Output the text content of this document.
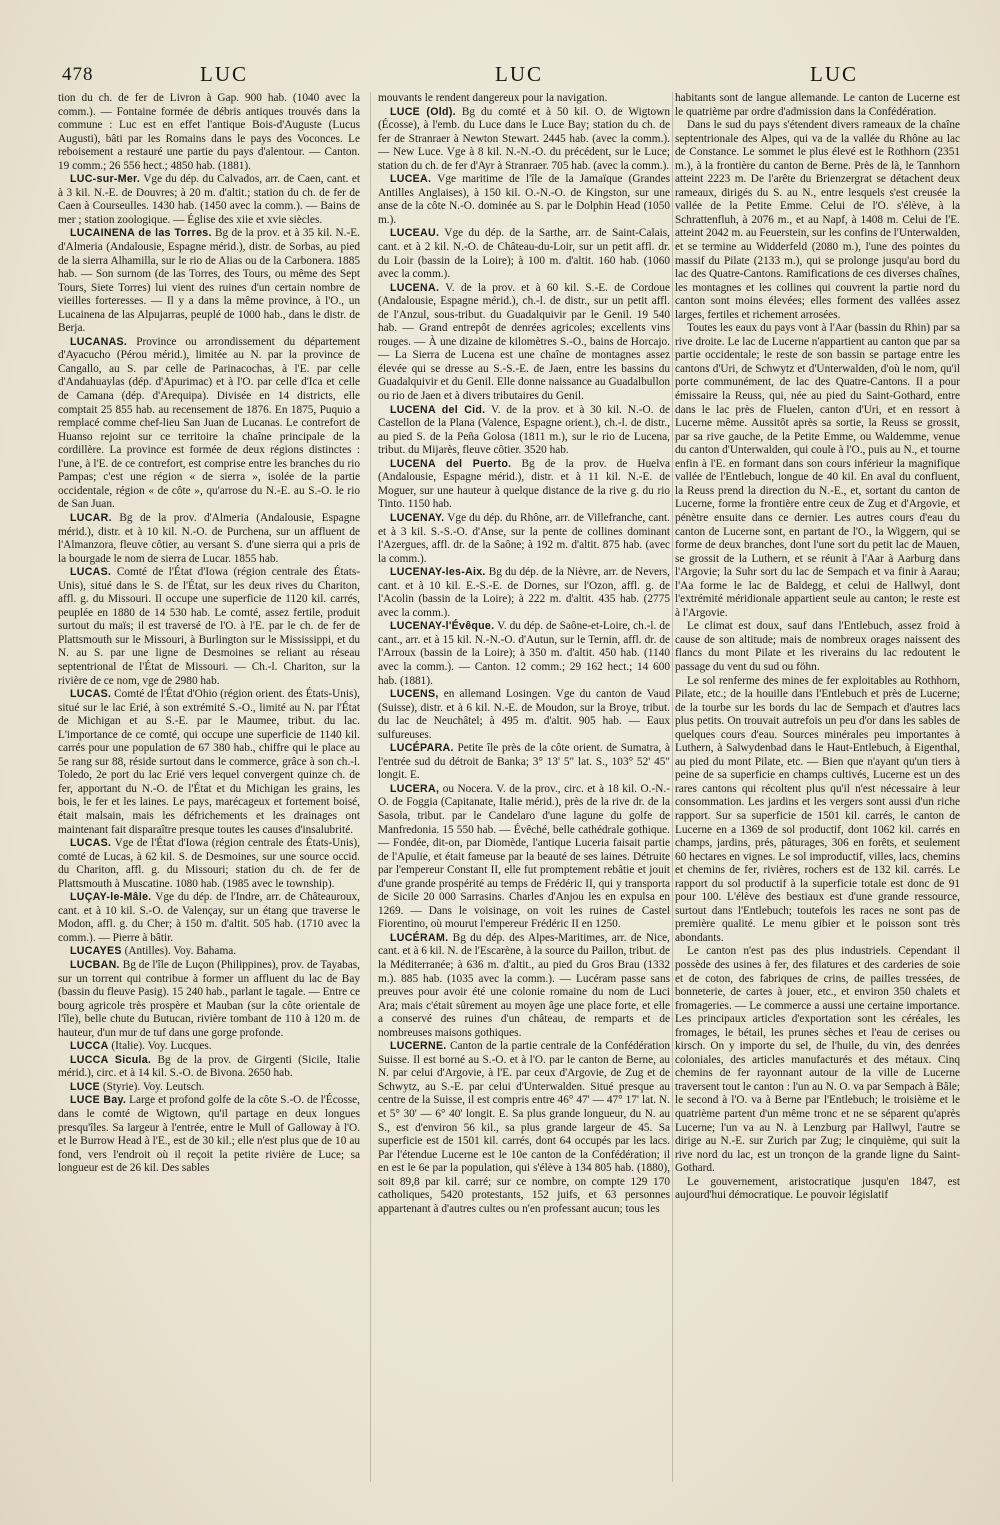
478	LUC	LUC	LUC

tion du ch. de fer de Livron à Gap. 900 hab. (1040 avec la comm.). — Fontaine formée de débris antiques trouvés dans la commune : Luc est en effet l'antique Bois-d'Auguste (Lucus Augusti), bâti par les Romains dans le pays des Voconces. Le reboisement a restauré une partie du pays d'alentour. — Canton. 19 comm.; 26 556 hect.; 4850 hab. (1881).

LUC-sur-Mer. Vge du dép. du Calvados, arr. de Caen, cant. et à 3 kil. N.-E. de Douvres; à 20 m. d'altit.; station du ch. de fer de Caen à Courseulles. 1430 hab. (1450 avec la comm.). — Bains de mer ; station zoologique. — Église des xiie et xvie siècles.

LUCAINENA de las Torres. Bg de la prov. et à 35 kil. N.-E. d'Almeria (Andalousie, Espagne mérid.), distr. de Sorbas, au pied de la sierra Alhamilla, sur le rio de Alias ou de la Carbonera. 1885 hab. — Son surnom (de las Torres, des Tours, ou même des Sept Tours, Siete Torres) lui vient des ruines d'un certain nombre de vieilles forteresses. — Il y a dans la même province, à l'O., un Lucainena de las Alpujarras, peuplé de 1000 hab., dans le distr. de Berja.

LUCANAS. Province ou arrondissement du département d'Ayacucho (Pérou mérid.), limitée au N. par la province de Cangallo, au S. par celle de Parinacochas, à l'E. par celle d'Andahuaylas (dép. d'Apurimac) et à l'O. par celle d'Ica et celle de Camana (dép. d'Arequipa). Divisée en 14 districts, elle comptait 25 855 hab. au recensement de 1876. En 1875, Puquio a remplacé comme chef-lieu San Juan de Lucanas. Le contrefort de Huanso rejoint sur ce territoire la chaîne principale de la cordillère. La province est formée de deux régions distinctes : l'une, à l'E. de ce contrefort, est comprise entre les branches du rio Pampas; c'est une région « de sierra », isolée de la partie occidentale, région « de côte », qu'arrose du N.-E. au S.-O. le rio de San Juan.

LUCAR. Bg de la prov. d'Almeria (Andalousie, Espagne mérid.), distr. et à 10 kil. N.-O. de Purchena, sur un affluent de l'Almanzora, fleuve côtier, au versant S. d'une sierra qui a pris de la bourgade le nom de sierra de Lucar. 1855 hab.

LUCAS. Comté de l'État d'Iowa (région centrale des États-Unis), situé dans le S. de l'État, sur les deux rives du Chariton, affl. g. du Missouri. Il occupe une superficie de 1120 kil. carrés, peuplée en 1880 de 14 530 hab. Le comté, assez fertile, produit surtout du maïs; il est traversé de l'O. à l'E. par le ch. de fer de Plattsmouth sur le Missouri, à Burlington sur le Mississippi, et du N. au S. par une ligne de Desmoines se reliant au réseau septentrional de l'État de Missouri. — Ch.-l. Chariton, sur la rivière de ce nom, vge de 2980 hab.

LUCAS. Comté de l'État d'Ohio (région orient. des États-Unis), situé sur le lac Erié, à son extrémité S.-O., limité au N. par l'État de Michigan et au S.-E. par le Maumee, tribut. du lac. L'importance de ce comté, qui occupe une superficie de 1140 kil. carrés pour une population de 67 380 hab., chiffre qui le place au 5e rang sur 88, réside surtout dans le commerce, grâce à son ch.-l. Toledo, 2e port du lac Erié vers lequel convergent quinze ch. de fer, apportant du N.-O. de l'État et du Michigan les grains, les bois, le fer et les laines. Le pays, marécageux et fortement boisé, était malsain, mais les défrichements et les drainages ont maintenant fait disparaître presque toutes les causes d'insalubrité.

LUCAS. Vge de l'État d'Iowa (région centrale des États-Unis), comté de Lucas, à 62 kil. S. de Desmoines, sur une source occid. du Chariton, affl. g. du Missouri; station du ch. de fer de Plattsmouth à Muscatine. 1080 hab. (1985 avec le township).

LUÇAY-le-Mâle. Vge du dép. de l'Indre, arr. de Châteauroux, cant. et à 10 kil. S.-O. de Valençay, sur un étang que traverse le Modon, affl. g. du Cher; à 150 m. d'altit. 505 hab. (1710 avec la comm.). — Pierre à bâtir.

LUCAYES (Antilles). Voy. Bahama.

LUCBAN. Bg de l'île de Luçon (Philippines), prov. de Tayabas, sur un torrent qui contribue à former un affluent du lac de Bay (bassin du fleuve Pasig). 15 240 hab., parlant le tagale. — Entre ce bourg agricole très prospère et Mauban (sur la côte orientale de l'île), belle chute du Butucan, rivière tombant de 110 à 120 m. de hauteur, d'un mur de tuf dans une gorge profonde.

LUCCA (Italie). Voy. Lucques.

LUCCA Sicula. Bg de la prov. de Girgenti (Sicile, Italie mérid.), circ. et à 14 kil. S.-O. de Bivona. 2650 hab.

LUCE (Styrie). Voy. Leutsch.

LUCE Bay. Large et profond golfe de la côte S.-O. de l'Écosse, dans le comté de Wigtown, qu'il partage en deux longues presqu'îles. Sa largeur à l'entrée, entre le Mull of Galloway à l'O. et le Burrow Head à l'E., est de 30 kil.; elle n'est plus que de 10 au fond, vers l'endroit où il reçoit la petite rivière de Luce; sa longueur est de 26 kil. Des sables

mouvants le rendent dangereux pour la navigation.

LUCE (Old). Bg du comté et à 50 kil. O. de Wigtown (Écosse), à l'emb. du Luce dans le Luce Bay; station du ch. de fer de Stranraer à Newton Stewart. 2445 hab. (avec la comm.). — New Luce. Vge à 8 kil. N.-N.-O. du précédent, sur le Luce; station du ch. de fer d'Ayr à Stranraer. 705 hab. (avec la comm.).

LUCEA. Vge maritime de l'île de la Jamaïque (Grandes Antilles Anglaises), à 150 kil. O.-N.-O. de Kingston, sur une anse de la côte N.-O. dominée au S. par le Dolphin Head (1050 m.).

LUCEAU. Vge du dép. de la Sarthe, arr. de Saint-Calais, cant. et à 2 kil. N.-O. de Château-du-Loir, sur un petit affl. dr. du Loir (bassin de la Loire); à 100 m. d'altit. 160 hab. (1060 avec la comm.).

LUCENA. V. de la prov. et à 60 kil. S.-E. de Cordoue (Andalousie, Espagne mérid.), ch.-l. de distr., sur un petit affl. de l'Anzul, sous-tribut. du Guadalquivir par le Genil. 19 540 hab. — Grand entrepôt de denrées agricoles; excellents vins rouges. — À une dizaine de kilomètres S.-O., bains de Horcajo. — La Sierra de Lucena est une chaîne de montagnes assez élevée qui se dresse au S.-S.-E. de Jaen, entre les bassins du Guadalquivir et du Genil. Elle donne naissance au Guadalbullon ou rio de Jaen et à divers tributaires du Genil.

LUCENA del Cid. V. de la prov. et à 30 kil. N.-O. de Castellon de la Plana (Valence, Espagne orient.), ch.-l. de distr., au pied S. de la Peña Golosa (1811 m.), sur le rio de Lucena, tribut. du Mijarès, fleuve côtier. 3520 hab.

LUCENA del Puerto. Bg de la prov. de Huelva (Andalousie, Espagne mérid.), distr. et à 11 kil. N.-E. de Moguer, sur une hauteur à quelque distance de la rive g. du rio Tinto. 1150 hab.

LUCENAY. Vge du dép. du Rhône, arr. de Villefranche, cant. et à 3 kil. S.-S.-O. d'Anse, sur la pente de collines dominant l'Azergues, affl. dr. de la Saône; à 192 m. d'altit. 875 hab. (avec la comm.).

LUCENAY-les-Aix. Bg du dép. de la Nièvre, arr. de Nevers, cant. et à 10 kil. E.-S.-E. de Dornes, sur l'Ozon, affl. g. de l'Acolin (bassin de la Loire); à 222 m. d'altit. 435 hab. (2775 avec la comm.).

LUCENAY-l'Évêque. V. du dép. de Saône-et-Loire, ch.-l. de cant., arr. et à 15 kil. N.-N.-O. d'Autun, sur le Ternin, affl. dr. de l'Arroux (bassin de la Loire); à 350 m. d'altit. 450 hab. (1140 avec la comm.). — Canton. 12 comm.; 29 162 hect.; 14 600 hab. (1881).

LUCENS, en allemand Losingen. Vge du canton de Vaud (Suisse), distr. et à 6 kil. N.-E. de Moudon, sur la Broye, tribut. du lac de Neuchâtel; à 495 m. d'altit. 905 hab. — Eaux sulfureuses.

LUCÉPARA. Petite île près de la côte orient. de Sumatra, à l'entrée sud du détroit de Banka; 3° 13' 5" lat. S., 103° 52' 45" longit. E.

LUCERA, ou Nocera. V. de la prov., circ. et à 18 kil. O.-N.-O. de Foggia (Capitanate, Italie mérid.), près de la rive dr. de la Sasola, tribut. par le Candelaro d'une lagune du golfe de Manfredonia. 15 550 hab. — Évêché, belle cathédrale gothique. — Fondée, dit-on, par Diomède, l'antique Luceria faisait partie de l'Apulie, et était fameuse par la beauté de ses laines. Détruite par l'empereur Constant II, elle fut promptement rebâtie et jouit d'une grande prospérité au temps de Frédéric II, qui y transporta de Sicile 20 000 Sarrasins. Charles d'Anjou les en expulsa en 1269. — Dans le voisinage, on voit les ruines de Castel Fiorentino, où mourut l'empereur Frédéric II en 1250.

LUCÉRAM. Bg du dép. des Alpes-Maritimes, arr. de Nice, cant. et à 6 kil. N. de l'Escarène, à la source du Paillon, tribut. de la Méditerranée; à 636 m. d'altit., au pied du Gros Brau (1332 m.). 885 hab. (1035 avec la comm.). — Lucéram passe sans preuves pour avoir été une colonie romaine du nom de Luci Ara; mais c'était sûrement au moyen âge une place forte, et elle a conservé des ruines d'un château, de remparts et de nombreuses maisons gothiques.

LUCERNE. Canton de la partie centrale de la Confédération Suisse. Il est borné au S.-O. et à l'O. par le canton de Berne, au N. par celui d'Argovie, à l'E. par ceux d'Argovie, de Zug et de Schwytz, au S.-E. par celui d'Unterwalden. Situé presque au centre de la Suisse, il est compris entre 46° 47' — 47° 17' lat. N. et 5° 30' — 6° 40' longit. E. Sa plus grande longueur, du N. au S., est d'environ 56 kil., sa plus grande largeur de 45. Sa superficie est de 1501 kil. carrés, dont 64 occupés par les lacs. Par l'étendue Lucerne est le 10e canton de la Confédération; il en est le 6e par la population, qui s'élève à 134 805 hab. (1880), soit 89,8 par kil. carré; sur ce nombre, on compte 129 170 catholiques, 5420 protestants, 152 juifs, et 63 personnes appartenant à d'autres cultes ou n'en professant aucun; tous les

habitants sont de langue allemande. Le canton de Lucerne est le quatrième par ordre d'admission dans la Confédération.

Dans le sud du pays s'étendent divers rameaux de la chaîne septentrionale des Alpes, qui va de la vallée du Rhône au lac de Constance. Le sommet le plus élevé est le Rothhorn (2351 m.), à la frontière du canton de Berne. Près de là, le Tannhorn atteint 2223 m. De l'arête du Brienzergrat se détachent deux rameaux, dirigés du S. au N., entre lesquels s'est creusée la vallée de la Petite Emme. Celui de l'O. s'élève, à la Schrattenfluh, à 2076 m., et au Napf, à 1408 m. Celui de l'E. atteint 2042 m. au Feuerstein, sur les confins de l'Unterwalden, et se termine au Widderfeld (2080 m.), l'une des pointes du massif du Pilate (2133 m.), qui se prolonge jusqu'au bord du lac des Quatre-Cantons. Ramifications de ces diverses chaînes, les montagnes et les collines qui couvrent la partie nord du canton sont moins élevées; elles forment des vallées assez larges, fertiles et richement arrosées.

Toutes les eaux du pays vont à l'Aar (bassin du Rhin) par sa rive droite. Le lac de Lucerne n'appartient au canton que par sa partie occidentale; le reste de son bassin se partage entre les cantons d'Uri, de Schwytz et d'Unterwalden, d'où le nom, qu'il porte communément, de lac des Quatre-Cantons. Il a pour émissaire la Reuss, qui, née au pied du Saint-Gothard, entre dans le lac près de Fluelen, canton d'Uri, et en ressort à Lucerne même. Aussitôt après sa sortie, la Reuss se grossit, par sa rive gauche, de la Petite Emme, ou Waldemme, venue du canton d'Unterwalden, qui coule à l'O., puis au N., et tourne enfin à l'E. en formant dans son cours inférieur la magnifique vallée de l'Entlebuch, longue de 40 kil. En aval du confluent, la Reuss prend la direction du N.-E., et, sortant du canton de Lucerne, forme la frontière entre ceux de Zug et d'Argovie, et pénètre ensuite dans ce dernier. Les autres cours d'eau du canton de Lucerne sont, en partant de l'O., la Wiggern, qui se forme de deux branches, dont l'une sort du petit lac de Mauen, se grossit de la Luthern, et se réunit à l'Aar à Aarburg dans l'Argovie; la Suhr sort du lac de Sempach et va finir à Aarau; l'Aa forme le lac de Baldegg, et celui de Hallwyl, dont l'extrémité méridionale appartient seule au canton; le reste est à l'Argovie.

Le climat est doux, sauf dans l'Entlebuch, assez froid à cause de son altitude; mais de nombreux orages naissent des flancs du mont Pilate et les riverains du lac redoutent le passage du vent du sud ou föhn.

Le sol renferme des mines de fer exploitables au Rothhorn, Pilate, etc.; de la houille dans l'Entlebuch et près de Lucerne; de la tourbe sur les bords du lac de Sempach et d'autres lacs plus petits. On trouvait autrefois un peu d'or dans les sables de quelques cours d'eau. Sources minérales peu importantes à Luthern, à Salwydenbad dans le Haut-Entlebuch, à Eigenthal, au pied du mont Pilate, etc. — Bien que n'ayant qu'un tiers à peine de sa superficie en champs cultivés, Lucerne est un des rares cantons qui récoltent plus qu'il n'est nécessaire à leur consommation. Les jardins et les vergers sont aussi d'un riche rapport. Sur sa superficie de 1501 kil. carrés, le canton de Lucerne en a 1369 de sol productif, dont 1062 kil. carrés en champs, jardins, prés, pâturages, 306 en forêts, et seulement 60 hectares en vignes. Le sol improductif, villes, lacs, chemins et chemins de fer, rivières, rochers est de 132 kil. carrés. Le rapport du sol productif à la superficie totale est donc de 91 pour 100. L'élève des bestiaux est d'une grande ressource, surtout dans l'Entlebuch; toutefois les races ne sont pas de première qualité. Le menu gibier et le poisson sont très abondants.

Le canton n'est pas des plus industriels. Cependant il possède des usines à fer, des filatures et des carderies de soie et de coton, des fabriques de crins, de pailles tressées, de bonneterie, de cartes à jouer, etc., et environ 350 chalets et fromageries. — Le commerce a aussi une certaine importance. Les principaux articles d'exportation sont les céréales, les fromages, le bétail, les prunes sèches et l'eau de cerises ou kirsch. On y importe du sel, de l'huile, du vin, des denrées coloniales, des articles manufacturés et des métaux. Cinq chemins de fer rayonnant autour de la ville de Lucerne traversent tout le canton : l'un au N. O. va par Sempach à Bâle; le second à l'O. va à Berne par l'Entlebuch; le troisième et le quatrième partent d'un même tronc et ne se séparent qu'après Lucerne; l'un va au N. à Lenzburg par Hallwyl, l'autre se dirige au N.-E. sur Zurich par Zug; le cinquième, qui suit la rive nord du lac, est un tronçon de la grande ligne du Saint-Gothard.

Le gouvernement, aristocratique jusqu'en 1847, est aujourd'hui démocratique. Le pouvoir législatif
